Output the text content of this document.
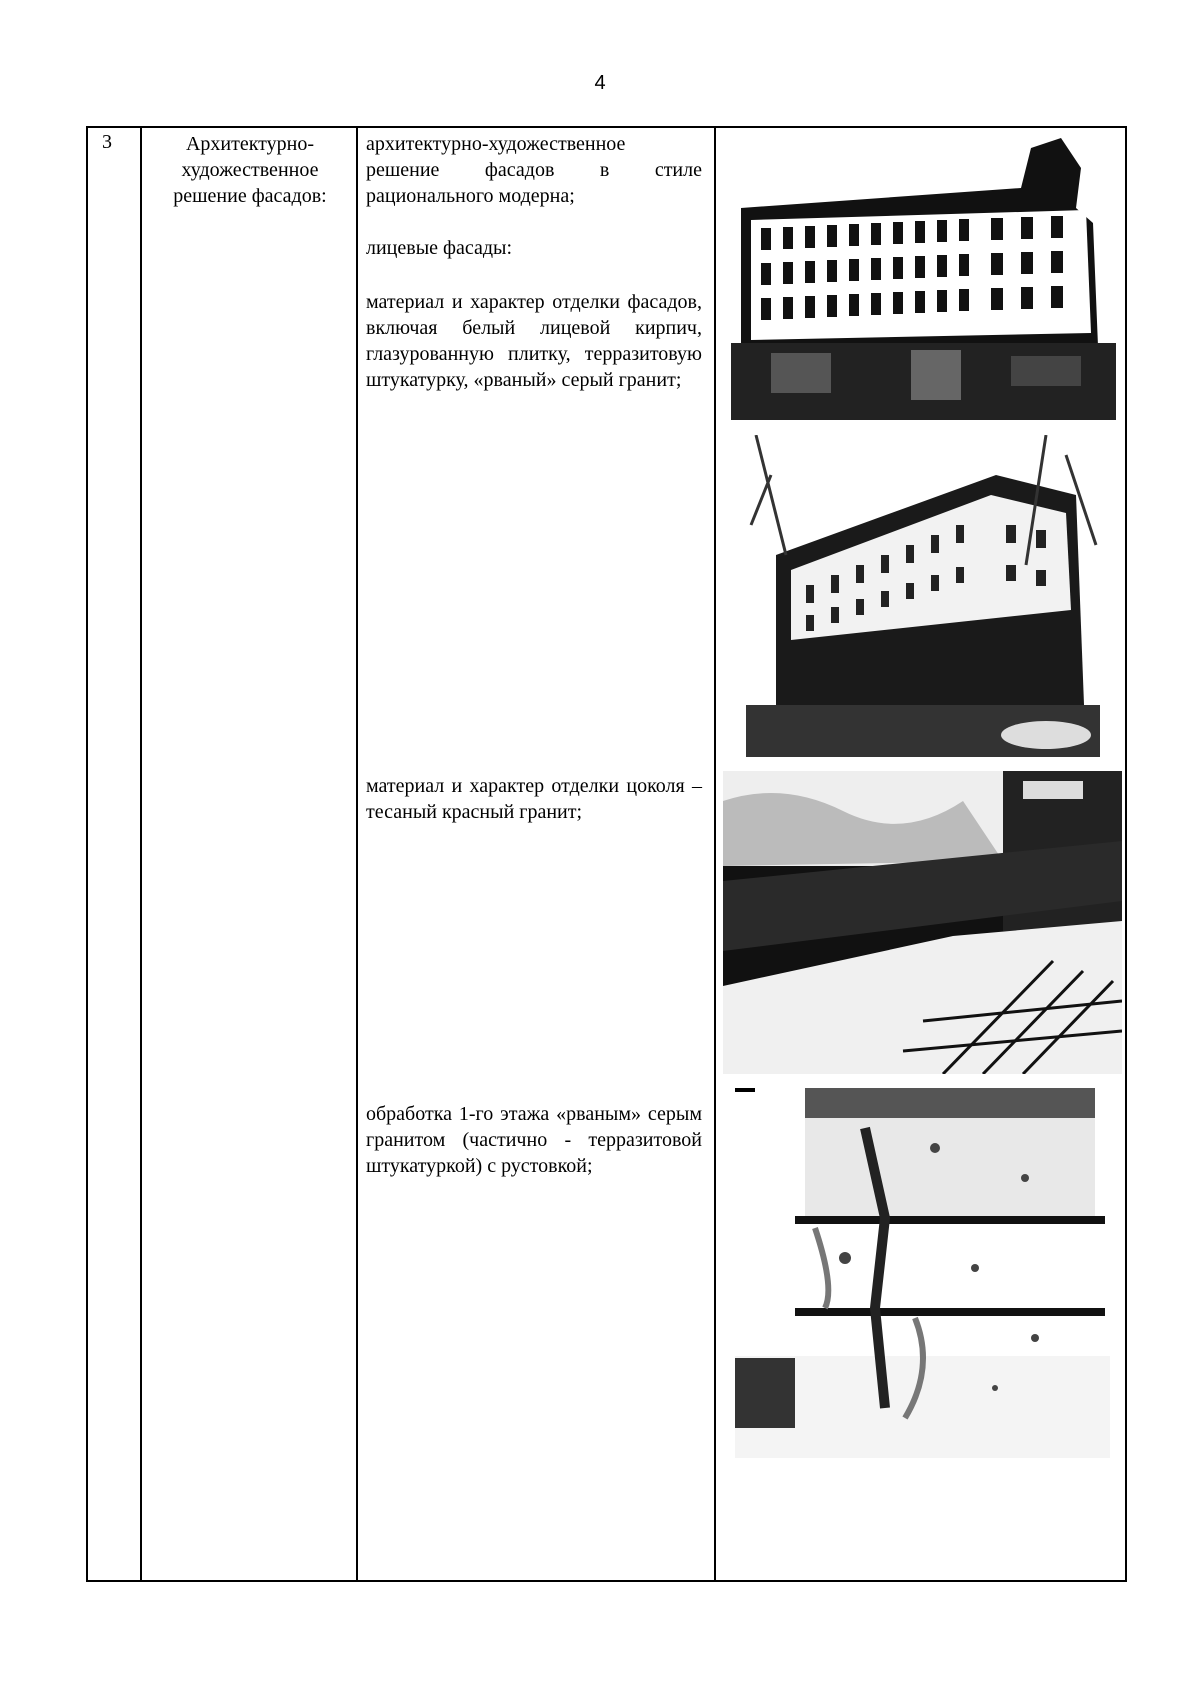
4
3	Архитектурно-
художественное
решение фасадов:
архитектурно-художественное решение фасадов в стиле рационального модерна;
лицевые фасады:
материал и характер отделки фасадов, включая белый лицевой кирпич, глазурованную плитку, терразитовую штукатурку, «рваный» серый гранит;
материал и характер отделки цоколя – тесаный красный гранит;
обработка 1-го этажа «рваным» серым гранитом (частично - терразитовой штукатуркой) с рустовкой;
